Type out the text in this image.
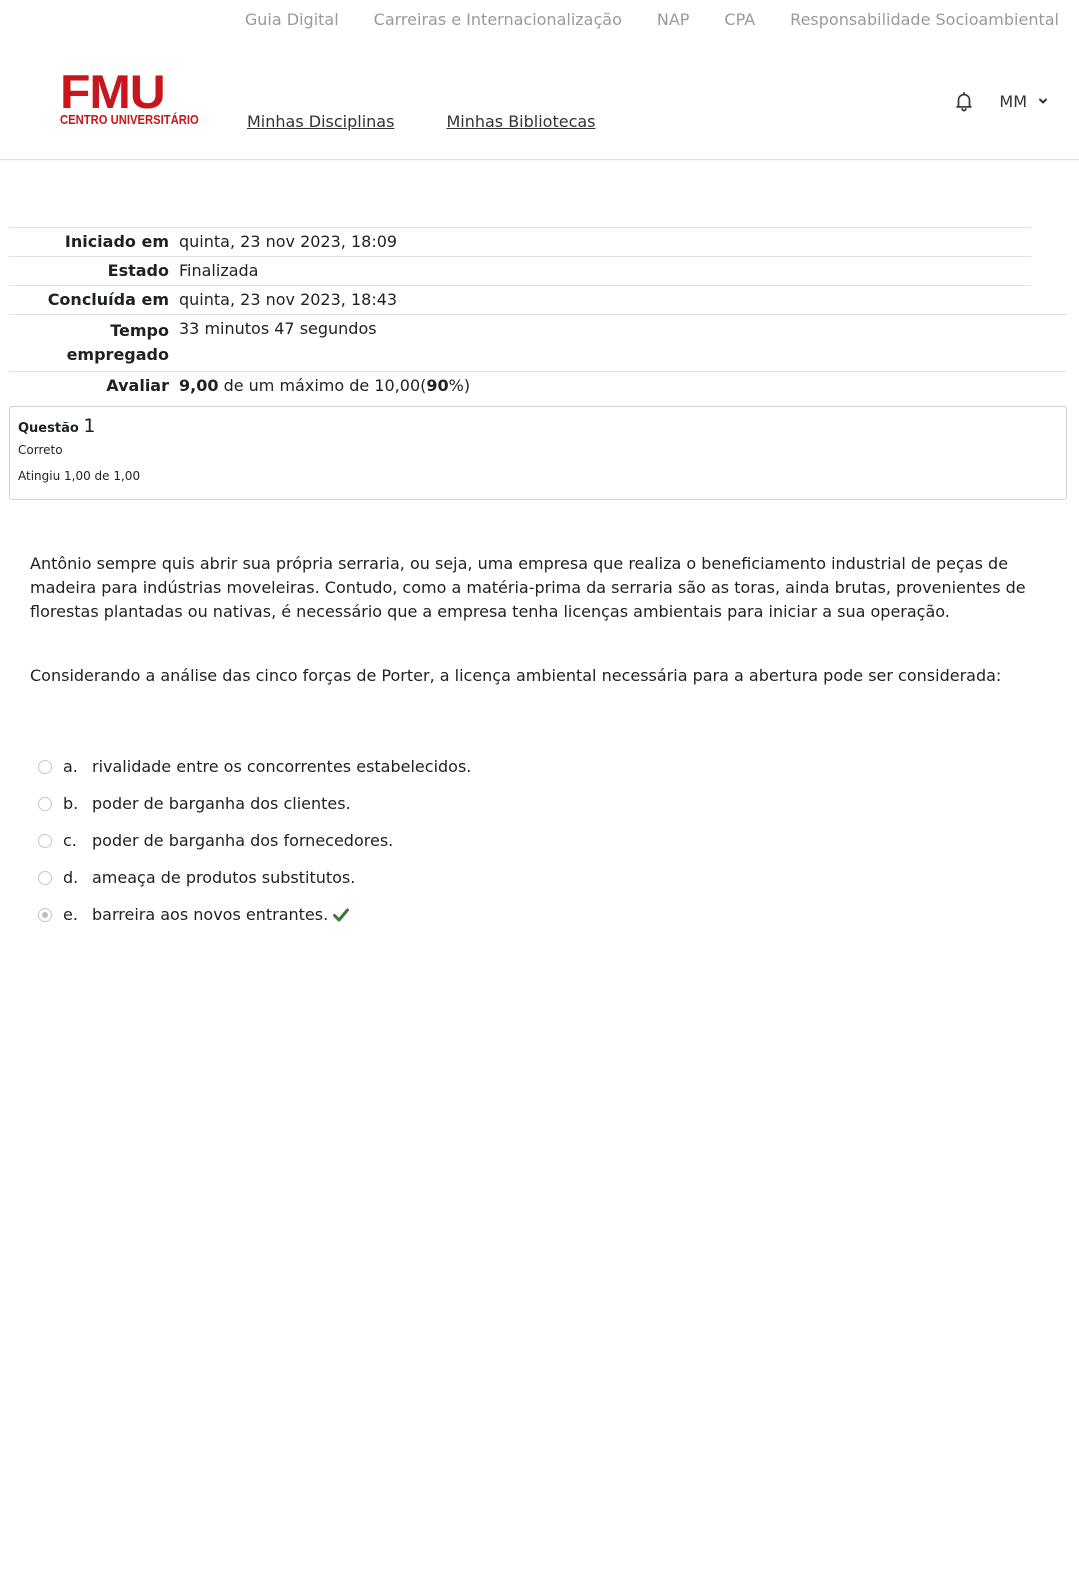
Guia Digital Carreiras e Internacionalização NAP CPA Responsabilidade Socioambiental
FMU
CENTRO UNIVERSITÁRIO	Minhas Disciplinas	Minhas Bibliotecas
MM
Iniciado em quinta, 23 nov 2023, 18:09
Estado Finalizada
Concluída em quinta, 23 nov 2023, 18:43
Tempo
empregado
33 minutos 47 segundos
Avaliar 9,00 de um máximo de 10,00(90%)
Questão 1
Correto
Atingiu 1,00 de 1,00

Antônio sempre quis abrir sua própria serraria, ou seja, uma empresa que realiza o beneficiamento industrial de peças de madeira para indústrias moveleiras. Contudo, como a matéria-prima da serraria são as toras, ainda brutas, provenientes de florestas plantadas ou nativas, é necessário que a empresa tenha licenças ambientais para iniciar a sua operação.

Considerando a análise das cinco forças de Porter, a licença ambiental necessária para a abertura pode ser considerada:

a. rivalidade entre os concorrentes estabelecidos.
b. poder de barganha dos clientes.
c. poder de barganha dos fornecedores.
d. ameaça de produtos substitutos.
e. barreira aos novos entrantes.
